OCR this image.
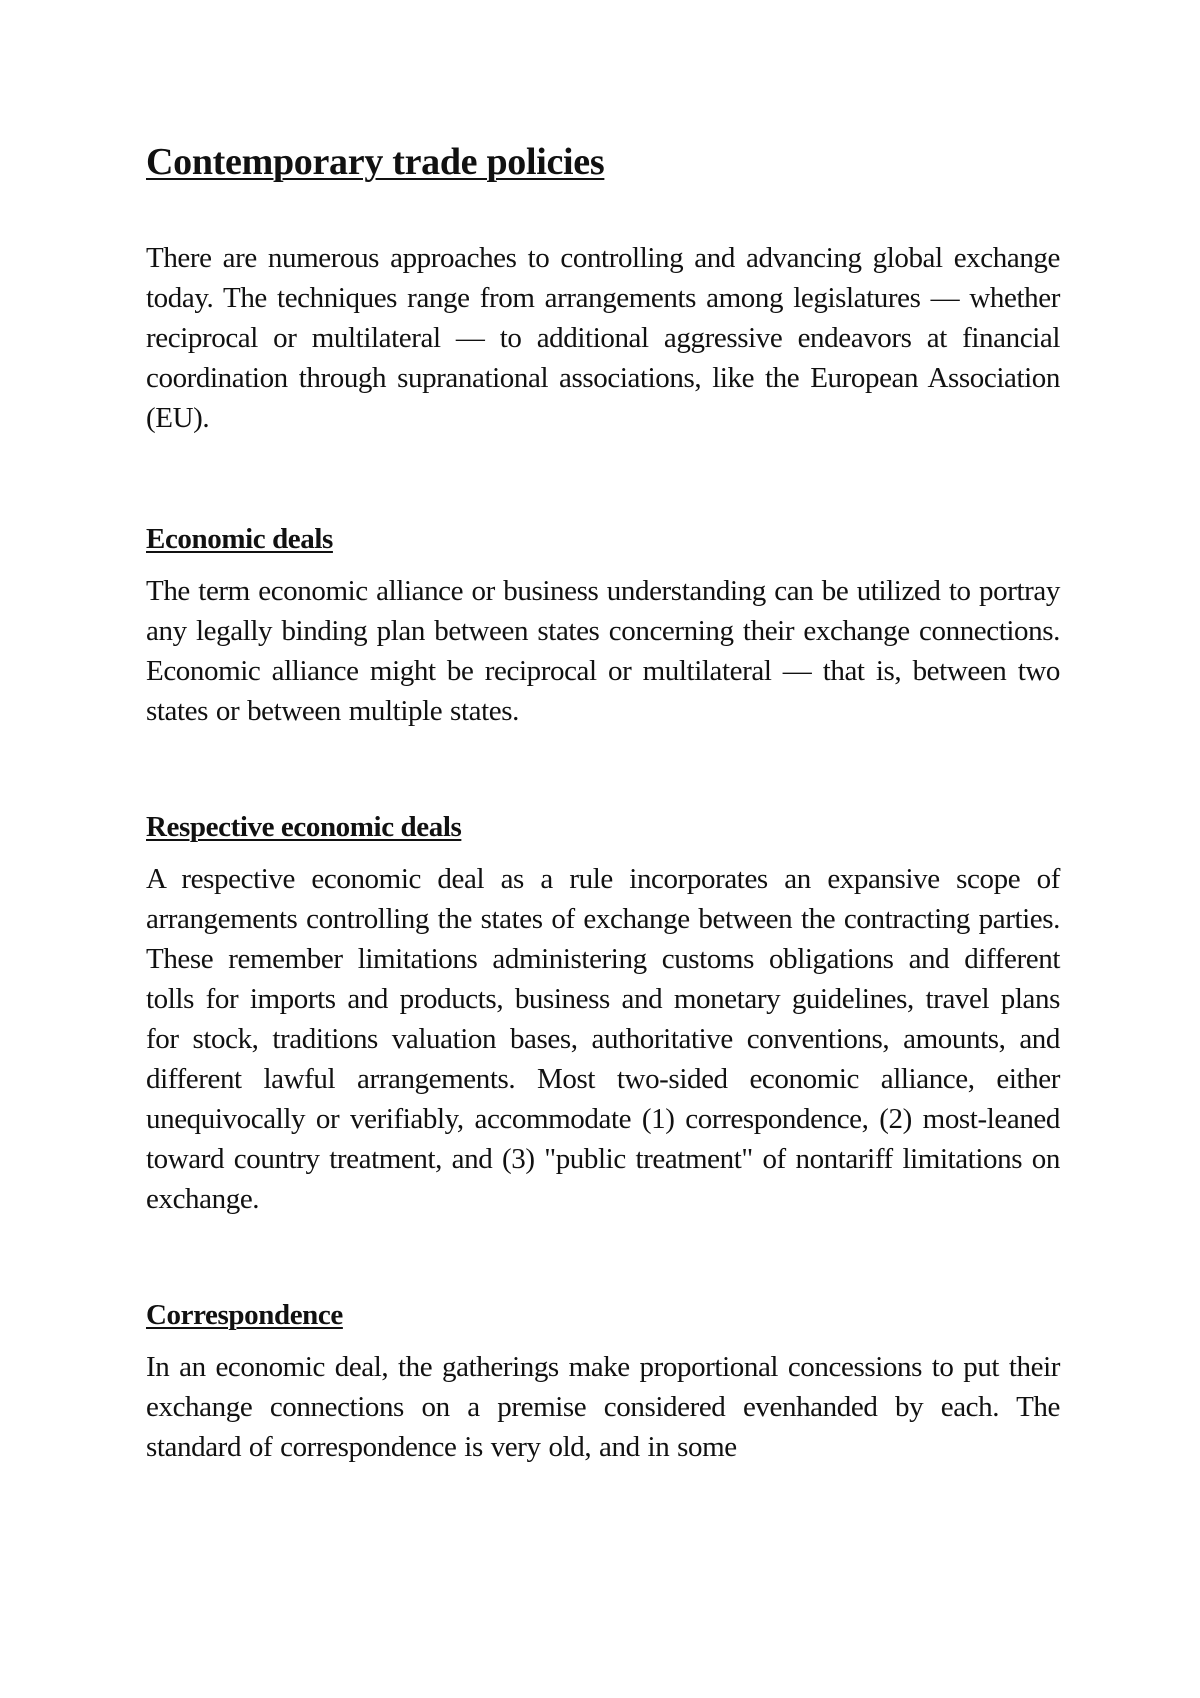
Contemporary trade policies

There are numerous approaches to controlling and advancing global exchange today. The techniques range from arrangements among legislatures — whether reciprocal or multilateral — to additional aggressive endeavors at financial coordination through supranational associations, like the European Association (EU).

Economic deals

The term economic alliance or business understanding can be utilized to portray any legally binding plan between states concerning their exchange connections. Economic alliance might be reciprocal or multilateral — that is, between two states or between multiple states.

Respective economic deals

A respective economic deal as a rule incorporates an expansive scope of arrangements controlling the states of exchange between the contracting parties. These remember limitations administering customs obligations and different tolls for imports and products, business and monetary guidelines, travel plans for stock, traditions valuation bases, authoritative conventions, amounts, and different lawful arrangements. Most two-sided economic alliance, either unequivocally or verifiably, accommodate (1) correspondence, (2) most-leaned toward country treatment, and (3) "public treatment" of nontariff limitations on exchange.

Correspondence

In an economic deal, the gatherings make proportional concessions to put their exchange connections on a premise considered evenhanded by each. The standard of correspondence is very old, and in some
